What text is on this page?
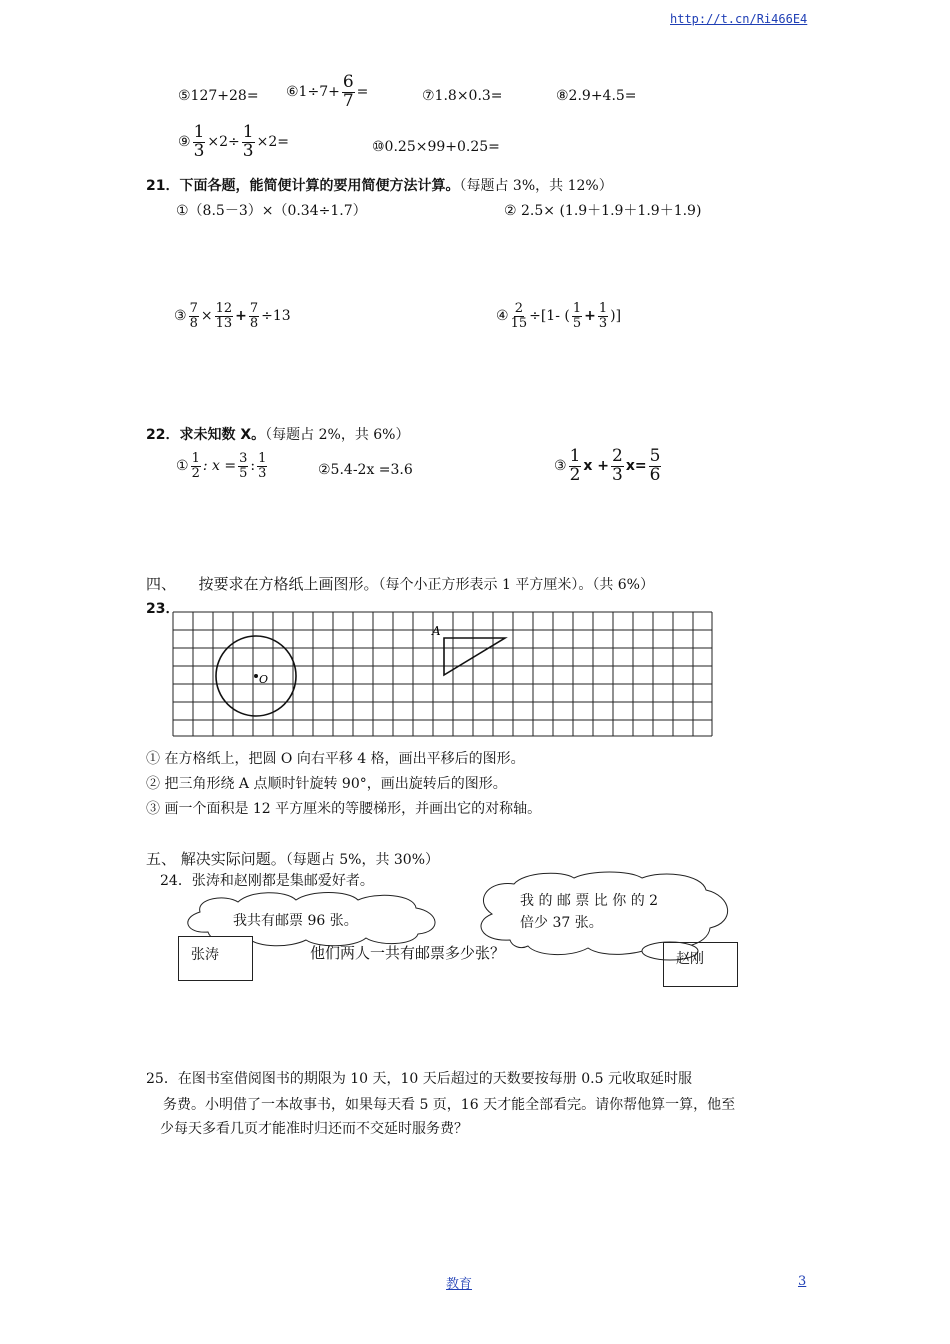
http://t.cn/Ri466E4
⑤127+28= ⑥1÷7+ $\frac{6}{7}$ =	⑦1.8×0.3=	⑧2.9+4.5=
⑨ $\frac{1}{3} \times 2\div \frac{1}{3} \times 2=$	⑩0.25×99+0.25=
21．下面各题，能简便计算的要用简便方法计算。（每题占 3%，共 12%）
①（8.5－3）×（0.34÷1.7）	② 2.5× (1.9＋1.9＋1.9＋1.9)
③ $\frac{7}{8} \times \frac{12}{13} + \frac{7}{8} \div 13$	④ $\frac{2}{15} \div[1-$ ( $\frac{1}{5} + \frac{1}{3}$ )]
22．求未知数 X。（每题占 2%，共 6%）
① $\frac{1}{2}$ : $x = \frac{3}{5}$ : $\frac{1}{3}$	②5.4-2x =3.6	③ $\frac{1}{2}$ $x + \frac{2}{3} x= \frac{5}{6}$
四、　　按要求在方格纸上画图形。（每个小正方形表示 1 平方厘米）。（共 6%）
23．
A
O
① 在方格纸上，把圆 O 向右平移 4 格，画出平移后的图形。
② 把三角形绕 A 点顺时针旋转 90°，画出旋转后的图形。
③ 画一个面积是 12 平方厘米的等腰梯形，并画出它的对称轴。
五、 解决实际问题。（每题占 5%，共 30%）
24．张涛和赵刚都是集邮爱好者。
我共有邮票 96 张。
我 的 邮 票 比 你 的 2
倍少 37 张。
张涛	他们两人一共有邮票多少张？	赵刚
25．在图书室借阅图书的期限为 10 天，10 天后超过的天数要按每册 0.5 元收取延时服
务费。小明借了一本故事书，如果每天看 5 页，16 天才能全部看完。请你帮他算一算，他至
少每天多看几页才能准时归还而不交延时服务费？
教育	3
